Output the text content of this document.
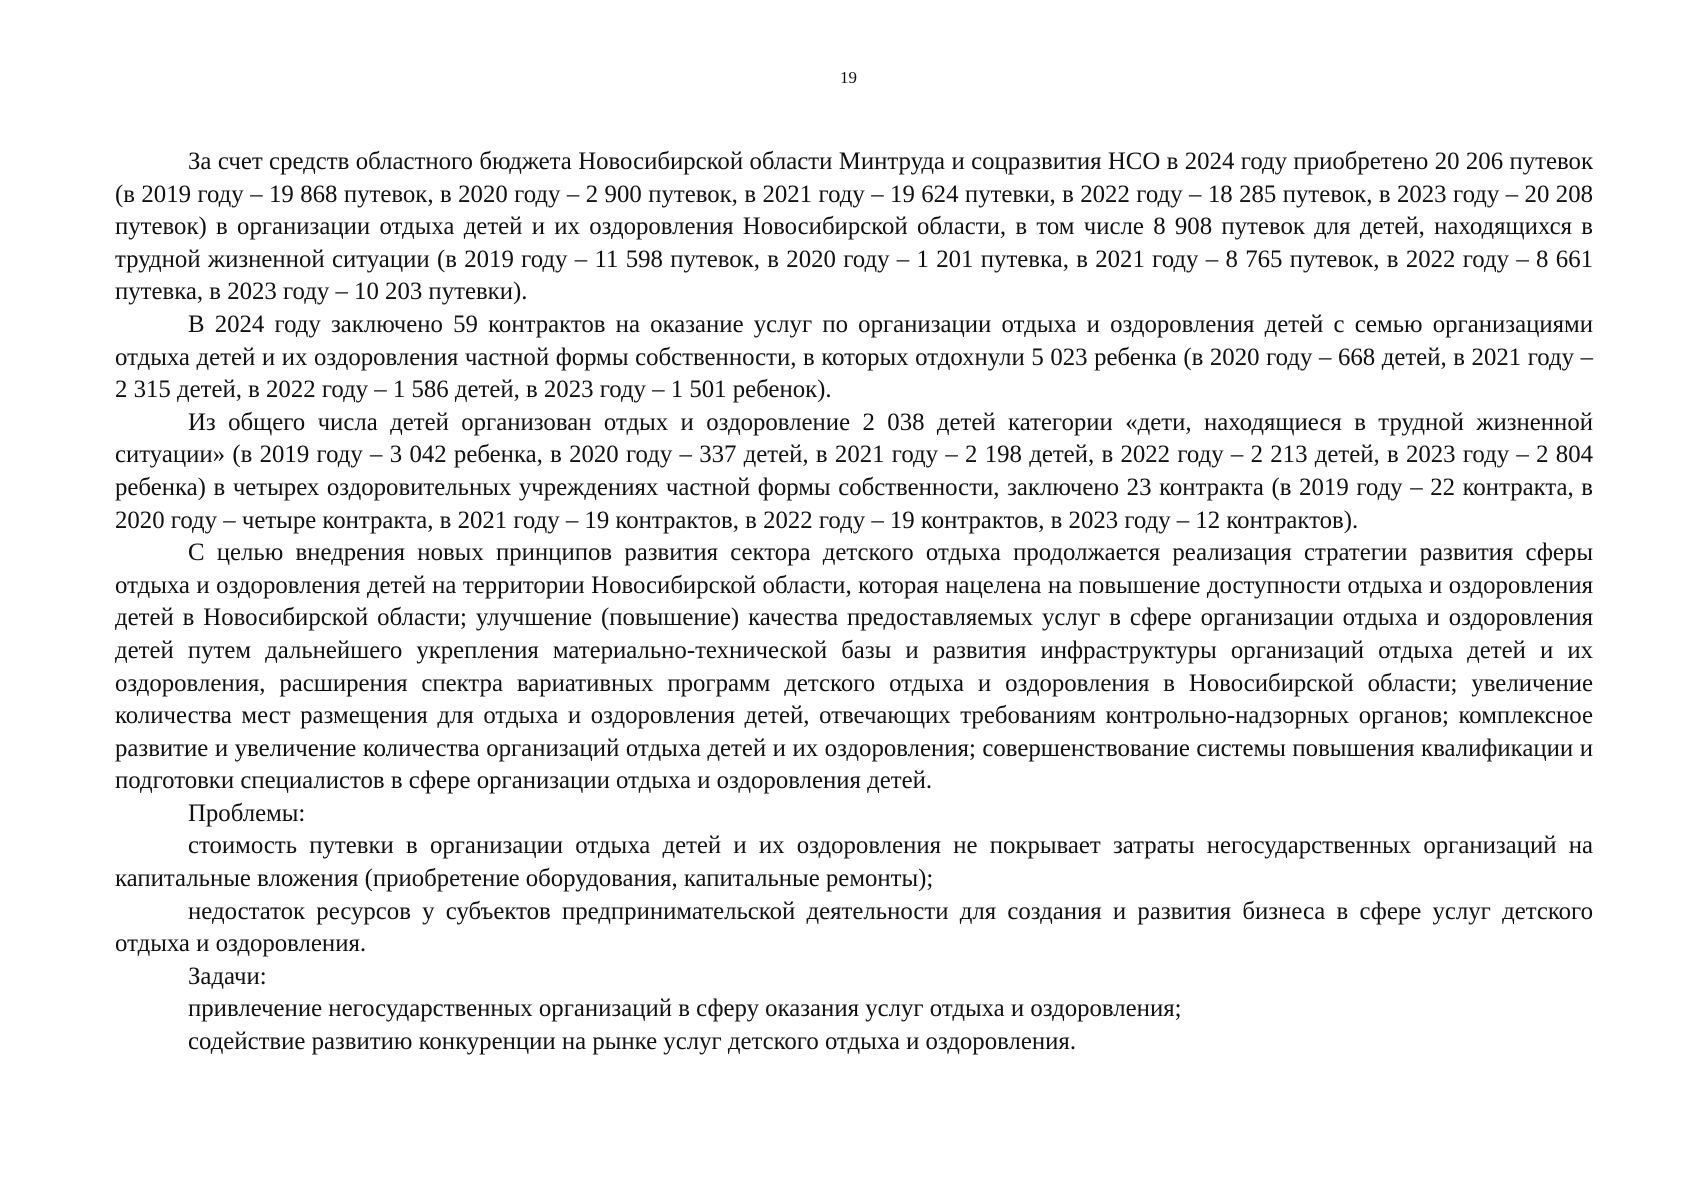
19

За счет средств областного бюджета Новосибирской области Минтруда и соцразвития НСО в 2024 году приобретено 20 206 путевок (в 2019 году – 19 868 путевок, в 2020 году – 2 900 путевок, в 2021 году – 19 624 путевки, в 2022 году – 18 285 путевок, в 2023 году – 20 208 путевок) в организации отдыха детей и их оздоровления Новосибирской области, в том числе 8 908 путевок для детей, находящихся в трудной жизненной ситуации (в 2019 году – 11 598 путевок, в 2020 году – 1 201 путевка, в 2021 году – 8 765 путевок, в 2022 году – 8 661 путевка, в 2023 году – 10 203 путевки).

В 2024 году заключено 59 контрактов на оказание услуг по организации отдыха и оздоровления детей с семью организациями отдыха детей и их оздоровления частной формы собственности, в которых отдохнули 5 023 ребенка (в 2020 году – 668 детей, в 2021 году – 2 315 детей, в 2022 году – 1 586 детей, в 2023 году – 1 501 ребенок).

Из общего числа детей организован отдых и оздоровление 2 038 детей категории «дети, находящиеся в трудной жизненной ситуации» (в 2019 году – 3 042 ребенка, в 2020 году – 337 детей, в 2021 году – 2 198 детей, в 2022 году – 2 213 детей, в 2023 году – 2 804 ребенка) в четырех оздоровительных учреждениях частной формы собственности, заключено 23 контракта (в 2019 году – 22 контракта, в 2020 году – четыре контракта, в 2021 году – 19 контрактов, в 2022 году – 19 контрактов, в 2023 году – 12 контрактов).

С целью внедрения новых принципов развития сектора детского отдыха продолжается реализация стратегии развития сферы отдыха и оздоровления детей на территории Новосибирской области, которая нацелена на повышение доступности отдыха и оздоровления детей в Новосибирской области; улучшение (повышение) качества предоставляемых услуг в сфере организации отдыха и оздоровления детей путем дальнейшего укрепления материально-технической базы и развития инфраструктуры организаций отдыха детей и их оздоровления, расширения спектра вариативных программ детского отдыха и оздоровления в Новосибирской области; увеличение количества мест размещения для отдыха и оздоровления детей, отвечающих требованиям контрольно-надзорных органов; комплексное развитие и увеличение количества организаций отдыха детей и их оздоровления; совершенствование системы повышения квалификации и подготовки специалистов в сфере организации отдыха и оздоровления детей.

Проблемы:

стоимость путевки в организации отдыха детей и их оздоровления не покрывает затраты негосударственных организаций на капитальные вложения (приобретение оборудования, капитальные ремонты);

недостаток ресурсов у субъектов предпринимательской деятельности для создания и развития бизнеса в сфере услуг детского отдыха и оздоровления.

Задачи:

привлечение негосударственных организаций в сферу оказания услуг отдыха и оздоровления;

содействие развитию конкуренции на рынке услуг детского отдыха и оздоровления.
